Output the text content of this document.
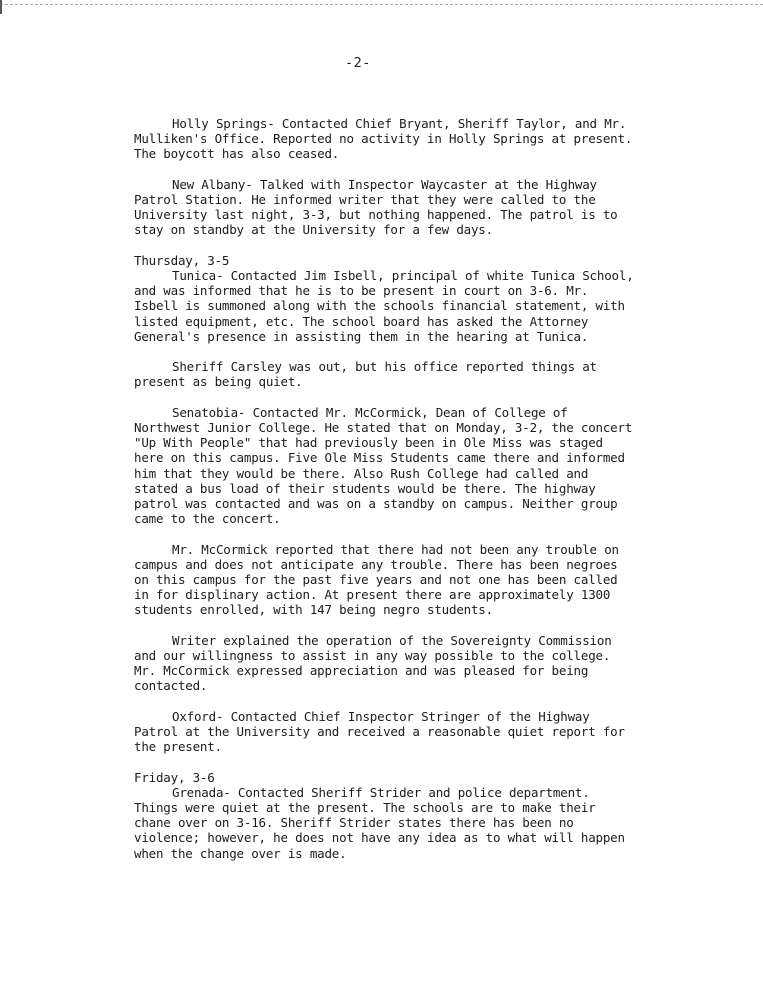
-2-

Holly Springs- Contacted Chief Bryant, Sheriff Taylor, and Mr. Mulliken's Office. Reported no activity in Holly Springs at present. The boycott has also ceased.

New Albany- Talked with Inspector Waycaster at the Highway Patrol Station. He informed writer that they were called to the University last night, 3-3, but nothing happened. The patrol is to stay on standby at the University for a few days.

Thursday, 3-5

Tunica- Contacted Jim Isbell, principal of white Tunica School, and was informed that he is to be present in court on 3-6. Mr. Isbell is summoned along with the schools financial statement, with listed equipment, etc. The school board has asked the Attorney General's presence in assisting them in the hearing at Tunica.

Sheriff Carsley was out, but his office reported things at present as being quiet.

Senatobia- Contacted Mr. McCormick, Dean of College of Northwest Junior College. He stated that on Monday, 3-2, the concert "Up With People" that had previously been in Ole Miss was staged here on this campus. Five Ole Miss Students came there and informed him that they would be there. Also Rush College had called and stated a bus load of their students would be there. The highway patrol was contacted and was on a standby on campus. Neither group came to the concert.

Mr. McCormick reported that there had not been any trouble on campus and does not anticipate any trouble. There has been negroes on this campus for the past five years and not one has been called in for displinary action. At present there are approximately 1300 students enrolled, with 147 being negro students.

Writer explained the operation of the Sovereignty Commission and our willingness to assist in any way possible to the college. Mr. McCormick expressed appreciation and was pleased for being contacted.

Oxford- Contacted Chief Inspector Stringer of the Highway Patrol at the University and received a reasonable quiet report for the present.

Friday, 3-6

Grenada- Contacted Sheriff Strider and police department. Things were quiet at the present. The schools are to make their chane over on 3-16. Sheriff Strider states there has been no violence; however, he does not have any idea as to what will happen when the change over is made.
